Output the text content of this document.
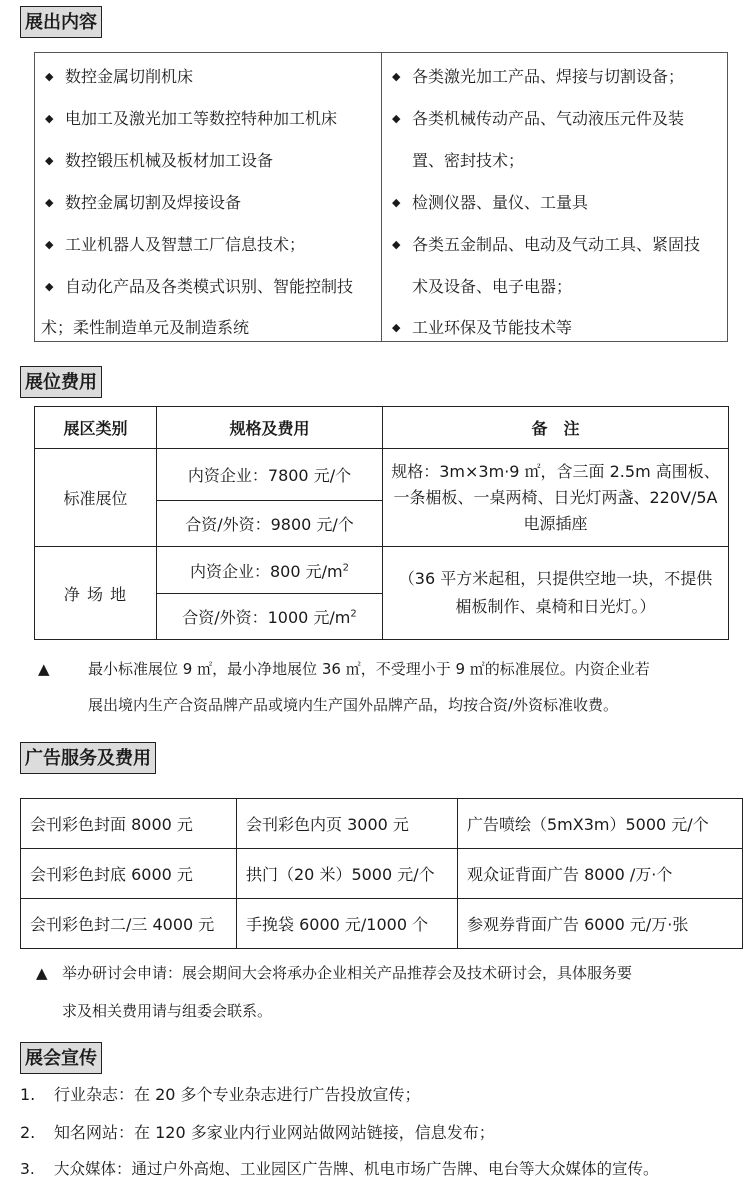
展出内容
◆ 数控金属切削机床
◆ 电加工及激光加工等数控特种加工机床
◆ 数控锻压机械及板材加工设备
◆ 数控金属切割及焊接设备
◆ 工业机器人及智慧工厂信息技术；
◆ 自动化产品及各类模式识别、智能控制技
术；柔性制造单元及制造系统
◆ 各类激光加工产品、焊接与切割设备；
◆ 各类机械传动产品、气动液压元件及装
置、密封技术；
◆ 检测仪器、量仪、工量具
◆ 各类五金制品、电动及气动工具、紧固技
术及设备、电子电器；
◆ 工业环保及节能技术等
展位费用
展区类别	规格及费用	备　注
标准展位	内资企业：7800 元/个	规格：3m×3m·9 ㎡，含三面 2.5m 高围板、
一条楣板、一桌两椅、日光灯两盏、220V/5A
电源插座

	合资/外资：9800 元/个	
净 场 地	内资企业：800 元$/m^2$	（36 平方米起租，只提供空地一块，不提供
楣板制作、桌椅和日光灯。）

	合资/外资：1000 元$/m^2$
▲	最小标准展位 9 ㎡，最小净地展位 36 ㎡，不受理小于 9 ㎡的标准展位。内资企业若
展出境内生产合资品牌产品或境内生产国外品牌产品，均按合资/外资标准收费。
广告服务及费用
会刊彩色封面 8000 元	会刊彩色内页 3000 元	广告喷绘（5mX3m）5000 元/个
会刊彩色封底 6000 元	拱门（20 米）5000 元/个	观众证背面广告 8000 /万·个
会刊彩色封二/三 4000 元	手挽袋 6000 元/1000 个	参观券背面广告 6000 元/万·张
▲ 举办研讨会申请：展会期间大会将承办企业相关产品推荐会及技术研讨会，具体服务要
求及相关费用请与组委会联系。
展会宣传
1. 行业杂志：在 20 多个专业杂志进行广告投放宣传；
2. 知名网站：在 120 多家业内行业网站做网站链接，信息发布；
3. 大众媒体：通过户外高炮、工业园区广告牌、机电市场广告牌、电台等大众媒体的宣传。
